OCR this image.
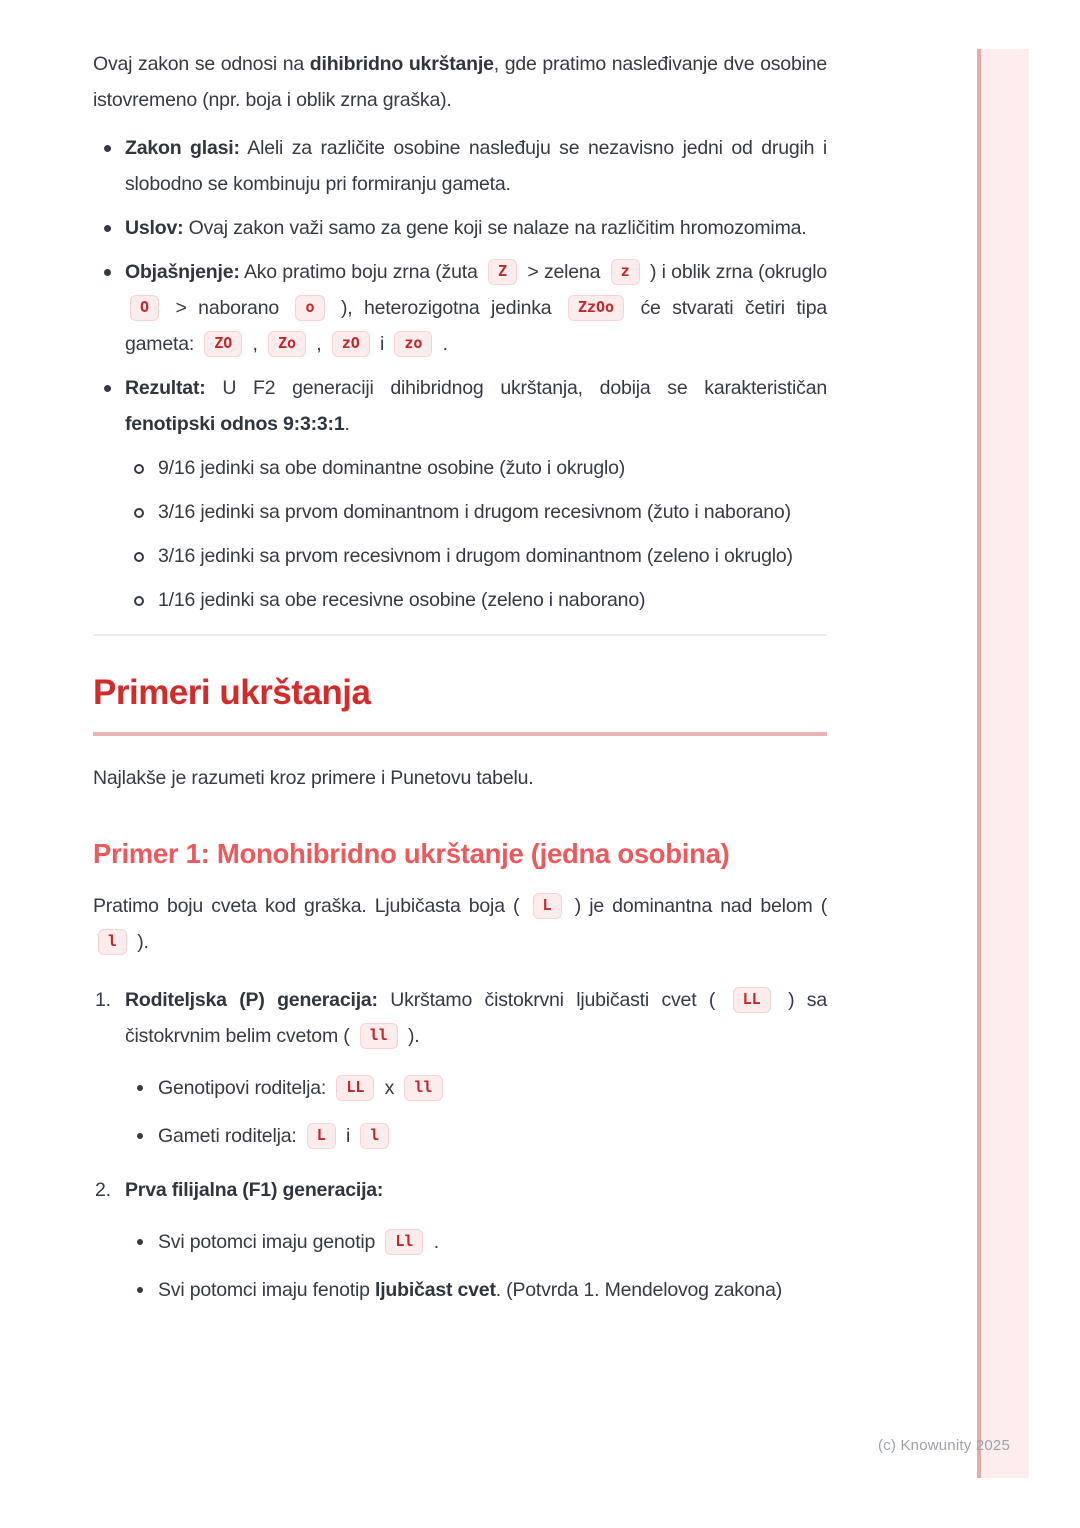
Ovaj zakon se odnosi na dihibridno ukrštanje, gde pratimo nasleđivanje dve osobine istovremeno (npr. boja i oblik zrna graška).

Zakon glasi: Aleli za različite osobine nasleđuju se nezavisno jedni od drugih i slobodno se kombinuju pri formiranju gameta.
Uslov: Ovaj zakon važi samo za gene koji se nalaze na različitim hromozomima.
Objašnjenje: Ako pratimo boju zrna (žuta Z > zelena z ) i oblik zrna (okruglo O > naborano o ), heterozigotna jedinka ZzOo će stvarati četiri tipa gameta: ZO , Zo , zO i zo .
Rezultat: U F2 generaciji dihibridnog ukrštanja, dobija se karakterističan fenotipski odnos 9:3:3:1.
9/16 jedinki sa obe dominantne osobine (žuto i okruglo)
3/16 jedinki sa prvom dominantnom i drugom recesivnom (žuto i naborano)
3/16 jedinki sa prvom recesivnom i drugom dominantnom (zeleno i okruglo)
1/16 jedinki sa obe recesivne osobine (zeleno i naborano)
Primeri ukrštanja

Najlakše je razumeti kroz primere i Punetovu tabelu.

Primer 1: Monohibridno ukrštanje (jedna osobina)

Pratimo boju cveta kod graška. Ljubičasta boja ( L ) je dominantna nad belom ( l ).

1. Roditeljska (P) generacija: Ukrštamo čistokrvni ljubičasti cvet ( LL ) sa čistokrvnim belim cvetom ( ll ).
Genotipovi roditelja: LL x ll
Gameti roditelja: L i l
2. Prva filijalna (F1) generacija:
Svi potomci imaju genotip Ll .
Svi potomci imaju fenotip ljubičast cvet. (Potvrda 1. Mendelovog zakona)
(c) Knowunity 2025
